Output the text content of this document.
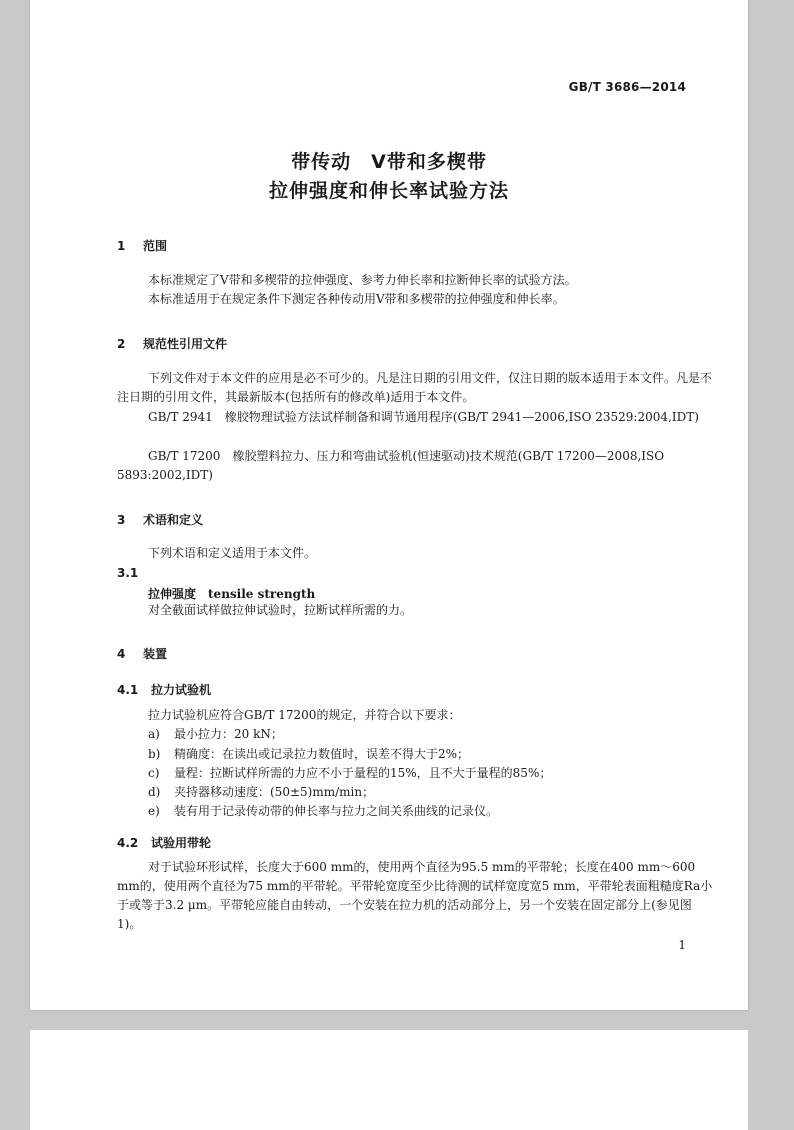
GB/T 3686—2014
带传动　V带和多楔带
拉伸强度和伸长率试验方法
1 范围
本标准规定了V带和多楔带的拉伸强度、参考力伸长率和拉断伸长率的试验方法。
本标准适用于在规定条件下测定各种传动用V带和多楔带的拉伸强度和伸长率。
2 规范性引用文件
下列文件对于本文件的应用是必不可少的。凡是注日期的引用文件，仅注日期的版本适用于本文件。凡是不注日期的引用文件，其最新版本(包括所有的修改单)适用于本文件。
GB/T 2941　橡胶物理试验方法试样制备和调节通用程序(GB/T 2941—2006,ISO 23529:2004,IDT)
GB/T 17200　橡胶塑料拉力、压力和弯曲试验机(恒速驱动)技术规范(GB/T 17200—2008,ISO 5893:2002,IDT)
3 术语和定义
下列术语和定义适用于本文件。
3.1
拉伸强度 tensile strength
对全截面试样做拉伸试验时，拉断试样所需的力。
4 装置
4.1 拉力试验机
拉力试验机应符合GB/T 17200的规定，并符合以下要求：
a) 最小拉力：20 kN；
b) 精确度：在读出或记录拉力数值时，误差不得大于2%；
c) 量程：拉断试样所需的力应不小于量程的15%，且不大于量程的85%；
d) 夹持器移动速度：(50±5)mm/min；
e) 装有用于记录传动带的伸长率与拉力之间关系曲线的记录仪。
4.2 试验用带轮
对于试验环形试样，长度大于600 mm的，使用两个直径为95.5 mm的平带轮；长度在400 mm～600 mm的，使用两个直径为75 mm的平带轮。平带轮宽度至少比待测的试样宽度宽5 mm，平带轮表面粗糙度Ra小于或等于3.2 μm。平带轮应能自由转动，一个安装在拉力机的活动部分上，另一个安装在固定部分上(参见图1)。
1
